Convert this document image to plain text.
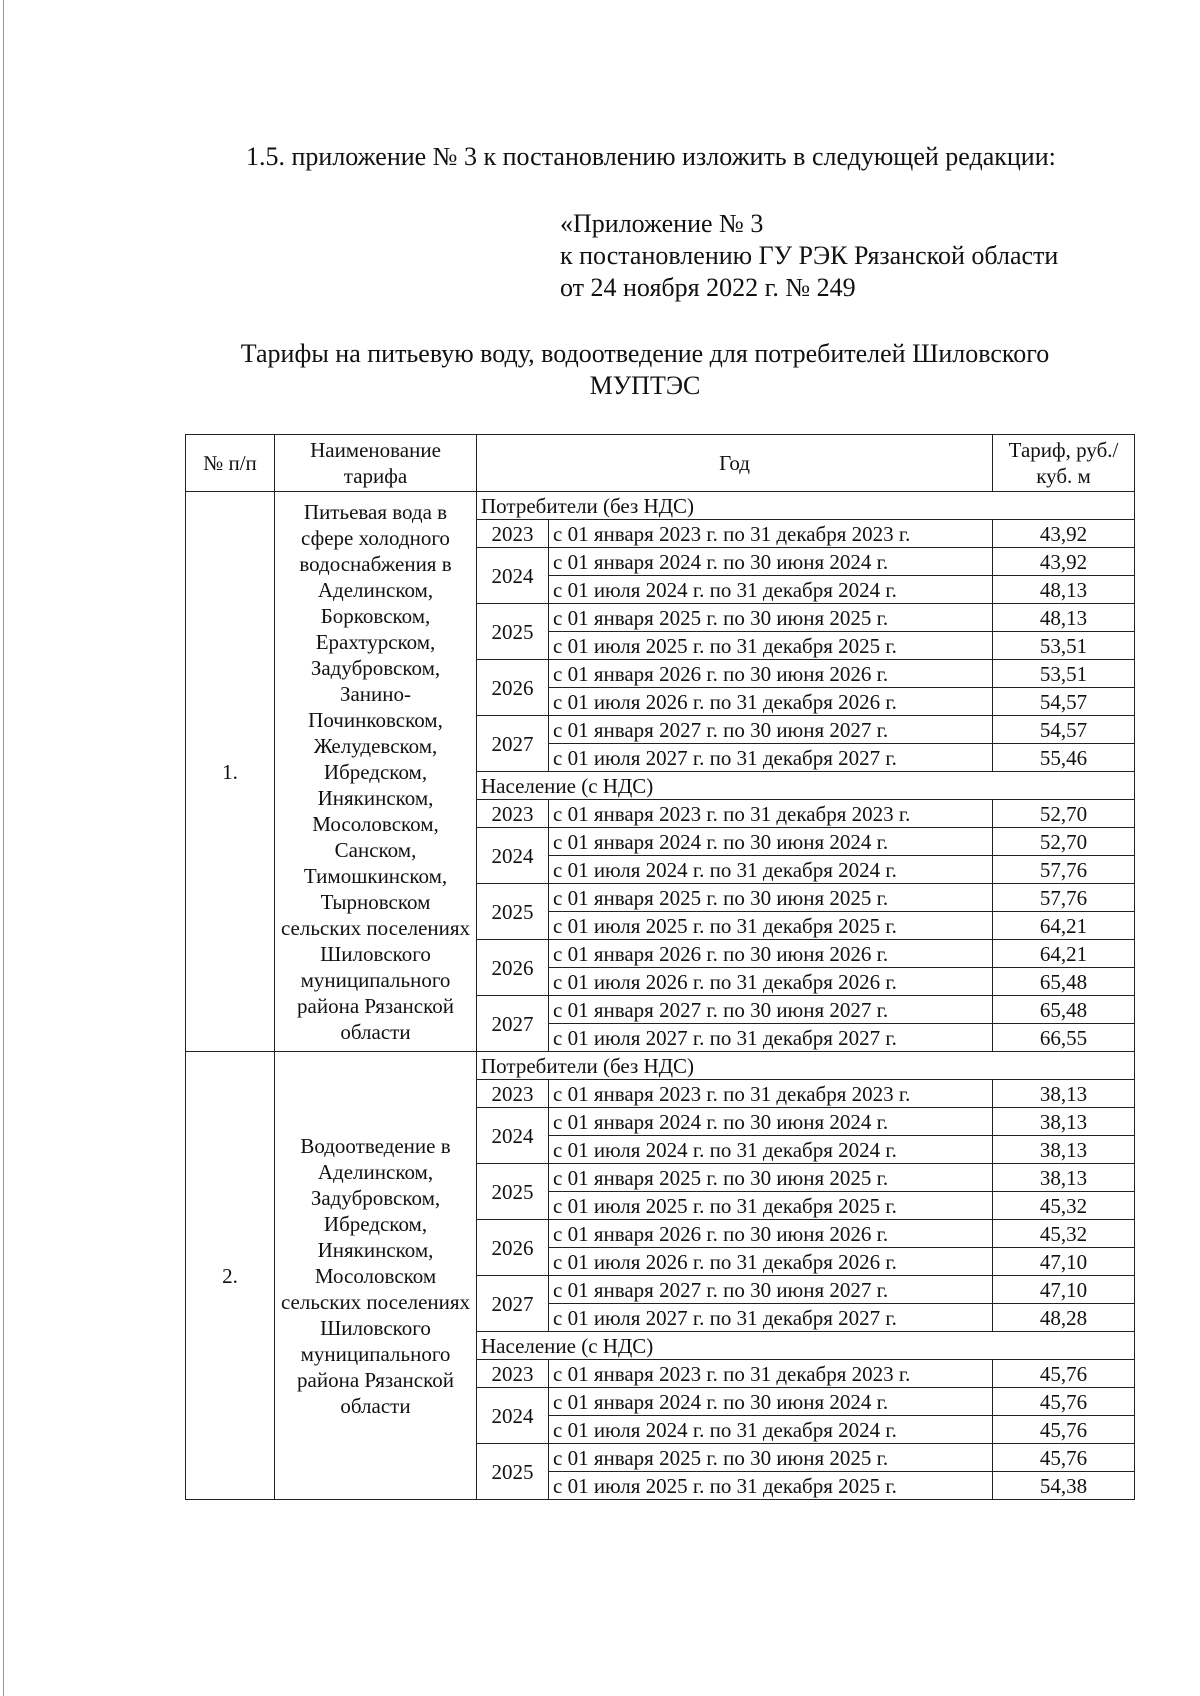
1.5. приложение № 3 к постановлению изложить в следующей редакции:
«Приложение № 3
к постановлению ГУ РЭК Рязанской области
от 24 ноября 2022 г. № 249
Тарифы на питьевую воду, водоотведение для потребителей Шиловского
МУПТЭС
№ п/п	Наименование тарифа	Год		Тариф, руб./куб. м
1.	Питьевая вода в сфере холодного водоснабжения в Аделинском, Борковском, Ерахтурском, Задубровском, Занино-Починковском, Желудевском, Ибредском, Инякинском, Мосоловском, Санском, Тимошкинском, Тырновском сельских поселениях Шиловского муниципального района Рязанской области	Потребители (без НДС)		
		2023	с 01 января 2023 г. по 31 декабря 2023 г.	43,92
		2024	с 01 января 2024 г. по 30 июня 2024 г.	43,92
			с 01 июля 2024 г. по 31 декабря 2024 г.	48,13
		2025	с 01 января 2025 г. по 30 июня 2025 г.	48,13
			с 01 июля 2025 г. по 31 декабря 2025 г.	53,51
		2026	с 01 января 2026 г. по 30 июня 2026 г.	53,51
			с 01 июля 2026 г. по 31 декабря 2026 г.	54,57
		2027	с 01 января 2027 г. по 30 июня 2027 г.	54,57
			с 01 июля 2027 г. по 31 декабря 2027 г.	55,46
		Население (с НДС)		
		2023	с 01 января 2023 г. по 31 декабря 2023 г.	52,70
		2024	с 01 января 2024 г. по 30 июня 2024 г.	52,70
			с 01 июля 2024 г. по 31 декабря 2024 г.	57,76
		2025	с 01 января 2025 г. по 30 июня 2025 г.	57,76
			с 01 июля 2025 г. по 31 декабря 2025 г.	64,21
		2026	с 01 января 2026 г. по 30 июня 2026 г.	64,21
			с 01 июля 2026 г. по 31 декабря 2026 г.	65,48
		2027	с 01 января 2027 г. по 30 июня 2027 г.	65,48
			с 01 июля 2027 г. по 31 декабря 2027 г.	66,55
2.	Водоотведение в Аделинском, Задубровском, Ибредском, Инякинском, Мосоловском сельских поселениях Шиловского муниципального района Рязанской области	Потребители (без НДС)		
		2023	с 01 января 2023 г. по 31 декабря 2023 г.	38,13
		2024	с 01 января 2024 г. по 30 июня 2024 г.	38,13
			с 01 июля 2024 г. по 31 декабря 2024 г.	38,13
		2025	с 01 января 2025 г. по 30 июня 2025 г.	38,13
			с 01 июля 2025 г. по 31 декабря 2025 г.	45,32
		2026	с 01 января 2026 г. по 30 июня 2026 г.	45,32
			с 01 июля 2026 г. по 31 декабря 2026 г.	47,10
		2027	с 01 января 2027 г. по 30 июня 2027 г.	47,10
			с 01 июля 2027 г. по 31 декабря 2027 г.	48,28
		Население (с НДС)		
		2023	с 01 января 2023 г. по 31 декабря 2023 г.	45,76
		2024	с 01 января 2024 г. по 30 июня 2024 г.	45,76
			с 01 июля 2024 г. по 31 декабря 2024 г.	45,76
		2025	с 01 января 2025 г. по 30 июня 2025 г.	45,76
			с 01 июля 2025 г. по 31 декабря 2025 г.	54,38
